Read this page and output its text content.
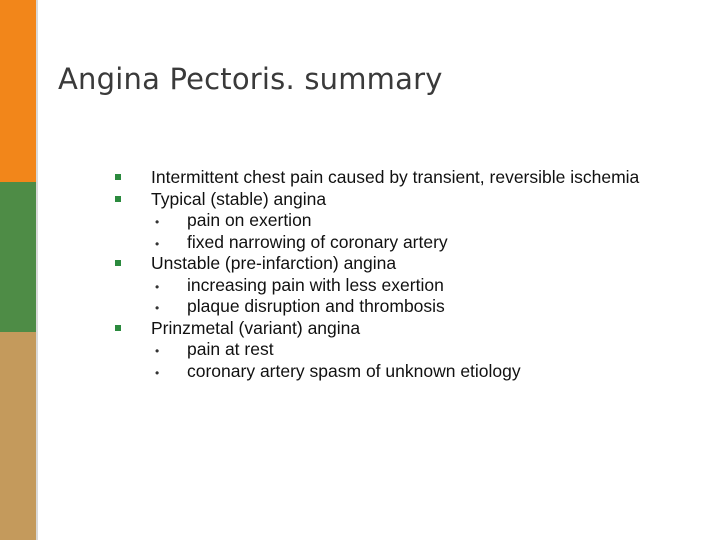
Angina Pectoris. summary
Intermittent chest pain caused by transient, reversible ischemia
Typical (stable) angina
• pain on exertion
• fixed narrowing of coronary artery
Unstable (pre-infarction) angina
• increasing pain with less exertion
• plaque disruption and thrombosis
Prinzmetal (variant) angina
• pain at rest
• coronary artery spasm of unknown etiology
